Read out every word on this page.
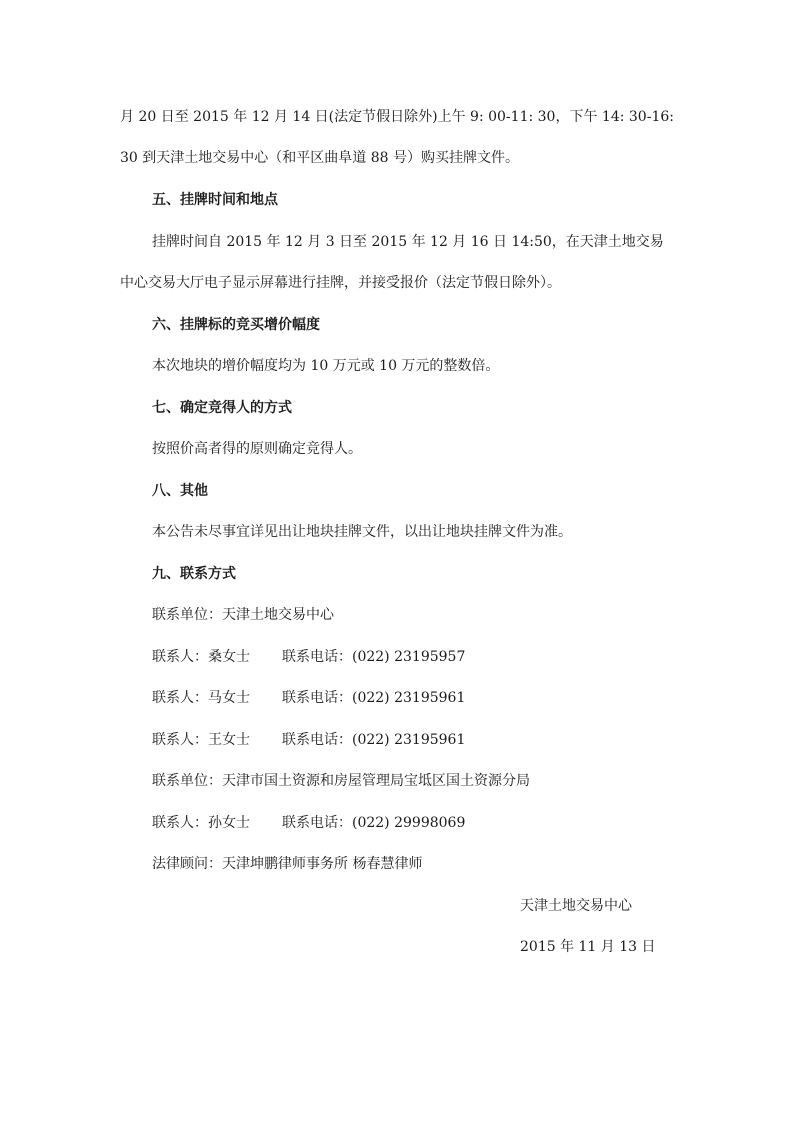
月 20 日至 2015 年 12 月 14 日(法定节假日除外)上午 9: 00-11: 30，下午 14: 30-16:
30 到天津土地交易中心（和平区曲阜道 88 号）购买挂牌文件。
五、挂牌时间和地点
挂牌时间自 2015 年 12 月 3 日至 2015 年 12 月 16 日 14:50，在天津土地交易
中心交易大厅电子显示屏幕进行挂牌，并接受报价（法定节假日除外）。
六、挂牌标的竞买增价幅度
本次地块的增价幅度均为 10 万元或 10 万元的整数倍。
七、确定竞得人的方式
按照价高者得的原则确定竞得人。
八、其他
本公告未尽事宜详见出让地块挂牌文件，以出让地块挂牌文件为准。
九、联系方式
联系单位：天津土地交易中心
联系人：桑女士 联系电话：(022) 23195957
联系人：马女士 联系电话：(022) 23195961
联系人：王女士 联系电话：(022) 23195961
联系单位：天津市国土资源和房屋管理局宝坻区国土资源分局
联系人：孙女士 联系电话：(022) 29998069
法律顾问：天津坤鹏律师事务所 杨春慧律师
天津土地交易中心
2015 年 11 月 13 日
